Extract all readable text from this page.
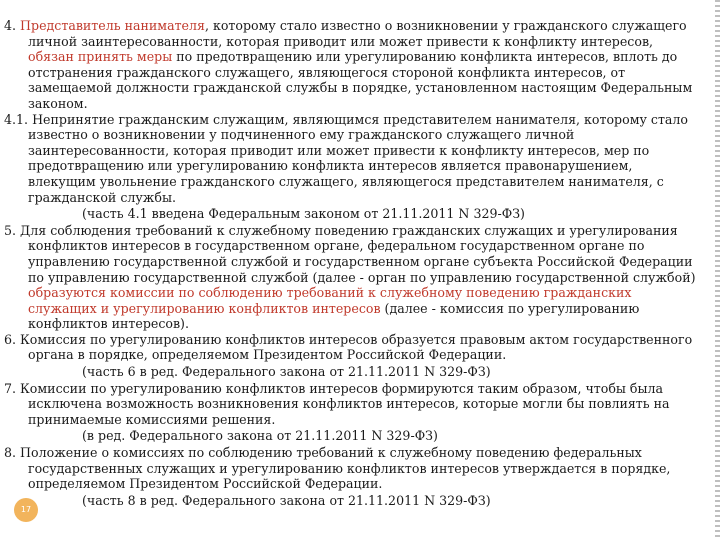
4. Представитель нанимателя, которому стало известно о возникновении у гражданского служащего личной заинтересованности, которая приводит или может привести к конфликту интересов, обязан принять меры по предотвращению или урегулированию конфликта интересов, вплоть до отстранения гражданского служащего, являющегося стороной конфликта интересов, от замещаемой должности гражданской службы в порядке, установленном настоящим Федеральным законом.

4.1. Непринятие гражданским служащим, являющимся представителем нанимателя, которому стало известно о возникновении у подчиненного ему гражданского служащего личной заинтересованности, которая приводит или может привести к конфликту интересов, мер по предотвращению или урегулированию конфликта интересов является правонарушением, влекущим увольнение гражданского служащего, являющегося представителем нанимателя, с гражданской службы.

(часть 4.1 введена Федеральным законом от 21.11.2011 N 329-ФЗ)

5. Для соблюдения требований к служебному поведению гражданских служащих и урегулирования конфликтов интересов в государственном органе, федеральном государственном органе по управлению государственной службой и государственном органе субъекта Российской Федерации по управлению государственной службой (далее - орган по управлению государственной службой) образуются комиссии по соблюдению требований к служебному поведению гражданских служащих и урегулированию конфликтов интересов (далее - комиссия по урегулированию конфликтов интересов).

6. Комиссия по урегулированию конфликтов интересов образуется правовым актом государственного органа в порядке, определяемом Президентом Российской Федерации.

(часть 6 в ред. Федерального закона от 21.11.2011 N 329-ФЗ)

7. Комиссии по урегулированию конфликтов интересов формируются таким образом, чтобы была исключена возможность возникновения конфликтов интересов, которые могли бы повлиять на принимаемые комиссиями решения.

(в ред. Федерального закона от 21.11.2011 N 329-ФЗ)

8. Положение о комиссиях по соблюдению требований к служебному поведению федеральных государственных служащих и урегулированию конфликтов интересов утверждается в порядке, определяемом Президентом Российской Федерации.

(часть 8 в ред. Федерального закона от 21.11.2011 N 329-ФЗ)

17
